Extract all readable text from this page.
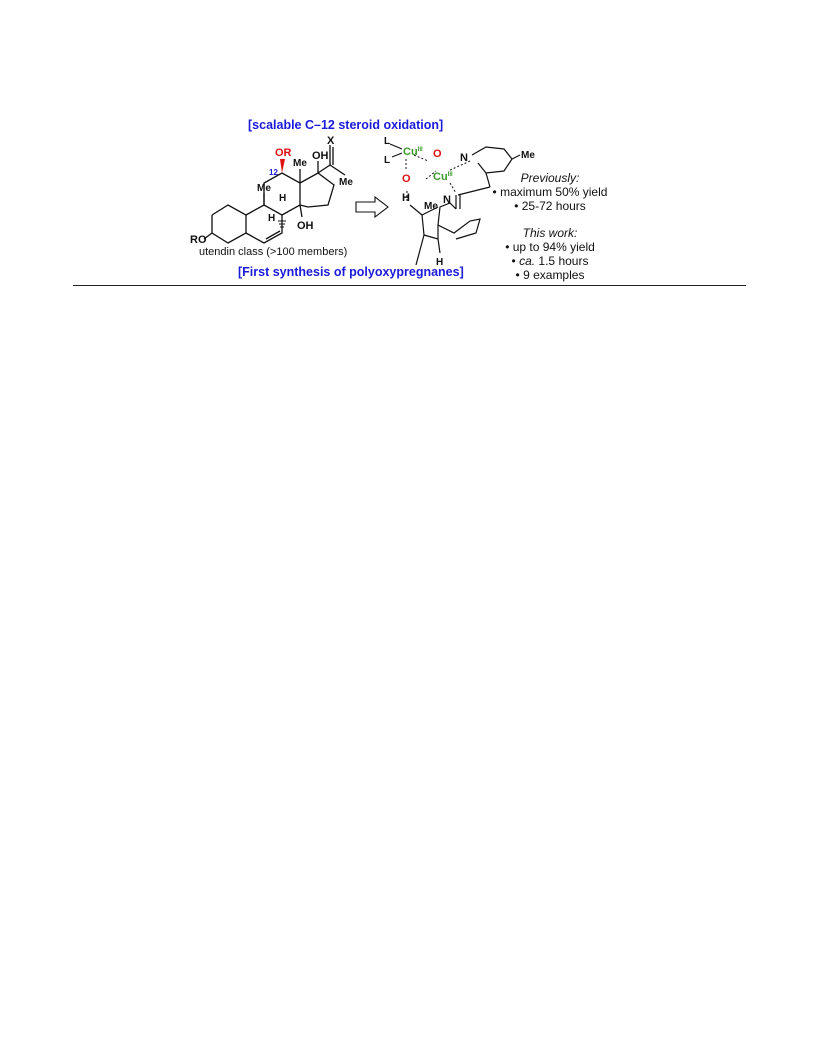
[scalable C–12 steroid oxidation]
OR
12
Me
OH
X
Me
Me
H
H
OH
RO
utendin class (>100 members)
L
L
$Cu^{III}$ O
O $Cu^{III}$
N	Me
N
H
Me
H
Previously:
• maximum 50% yield
• 25-72 hours
This work:
• up to 94% yield
• ca. 1.5 hours
• 9 examples
[First synthesis of polyoxypregnanes]
